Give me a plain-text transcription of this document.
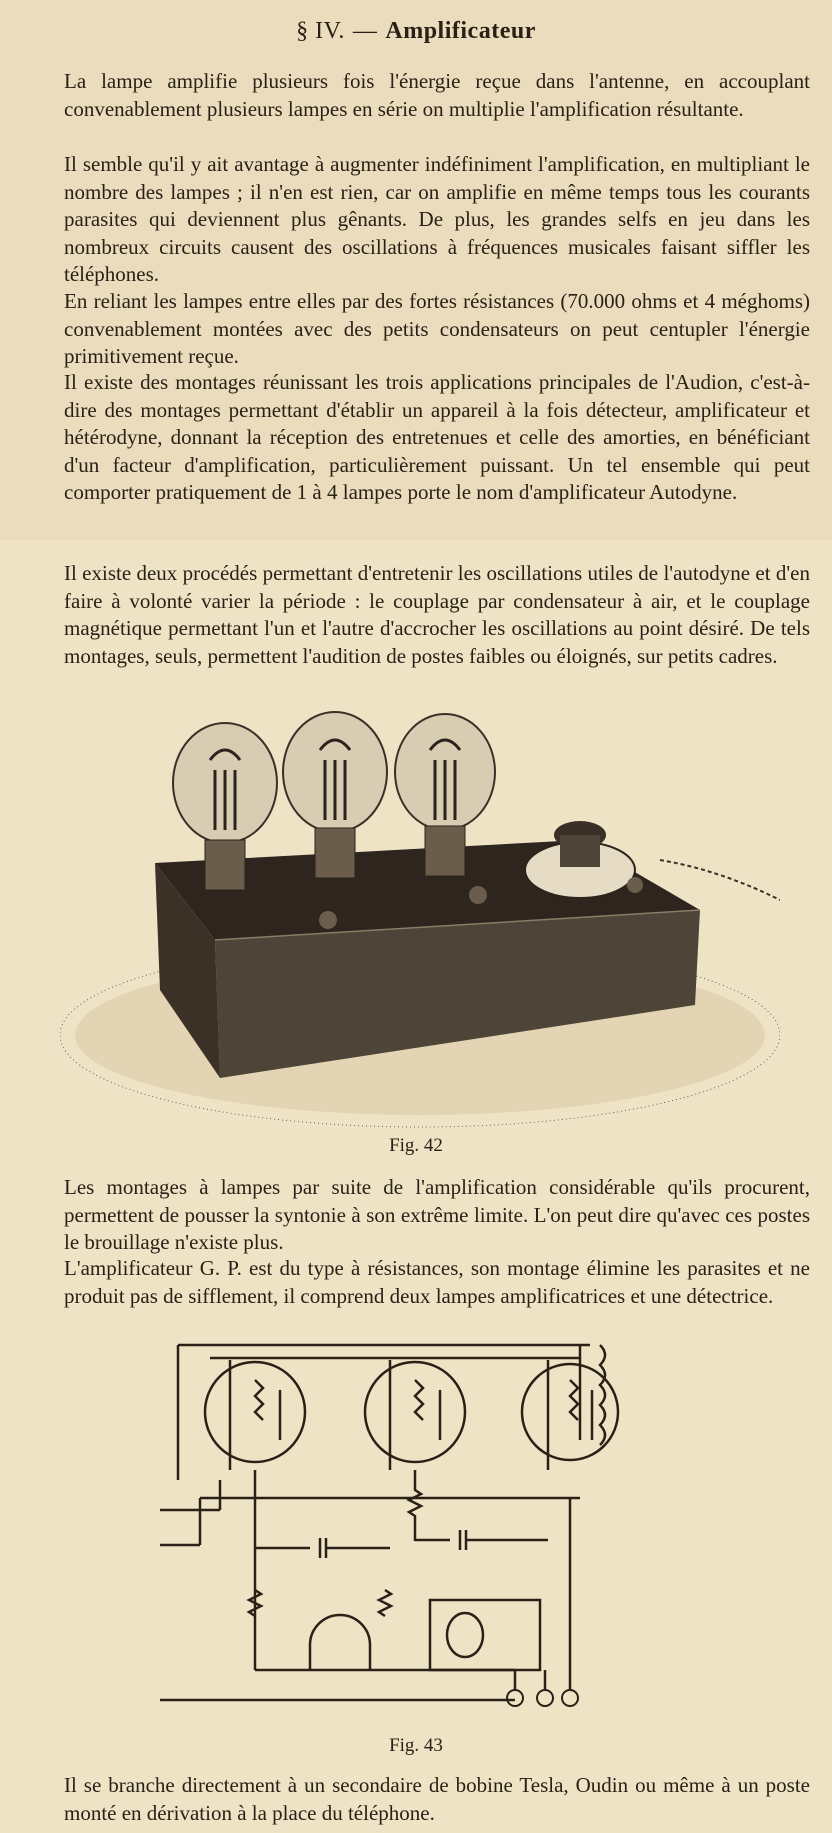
§ IV. — Amplificateur

La lampe amplifie plusieurs fois l'énergie reçue dans l'antenne, en accouplant convenablement plusieurs lampes en série on multiplie l'amplification résultante.

Il semble qu'il y ait avantage à augmenter indéfiniment l'amplification, en multipliant le nombre des lampes ; il n'en est rien, car on amplifie en même temps tous les courants parasites qui deviennent plus gênants. De plus, les grandes selfs en jeu dans les nombreux circuits causent des oscillations à fréquences musicales faisant siffler les téléphones.

En reliant les lampes entre elles par des fortes résistances (70.000 ohms et 4 méghoms) convenablement montées avec des petits condensateurs on peut centupler l'énergie primitivement reçue.

Il existe des montages réunissant les trois applications principales de l'Audion, c'est-à-dire des montages permettant d'établir un appareil à la fois détecteur, amplificateur et hétérodyne, donnant la réception des entretenues et celle des amorties, en bénéficiant d'un facteur d'amplification, particulièrement puissant. Un tel ensemble qui peut comporter pratiquement de 1 à 4 lampes porte le nom d'amplificateur Autodyne.

Il existe deux procédés permettant d'entretenir les oscillations utiles de l'autodyne et d'en faire à volonté varier la période : le couplage par condensateur à air, et le couplage magnétique permettant l'un et l'autre d'accrocher les oscillations au point désiré. De tels montages, seuls, permettent l'audition de postes faibles ou éloignés, sur petits cadres.

Fig. 42

Les montages à lampes par suite de l'amplification considérable qu'ils procurent, permettent de pousser la syntonie à son extrême limite. L'on peut dire qu'avec ces postes le brouillage n'existe plus.

L'amplificateur G. P. est du type à résistances, son montage élimine les parasites et ne produit pas de sifflement, il comprend deux lampes amplificatrices et une détectrice.

Fig. 43

Il se branche directement à un secondaire de bobine Tesla, Oudin ou même à un poste monté en dérivation à la place du téléphone.
